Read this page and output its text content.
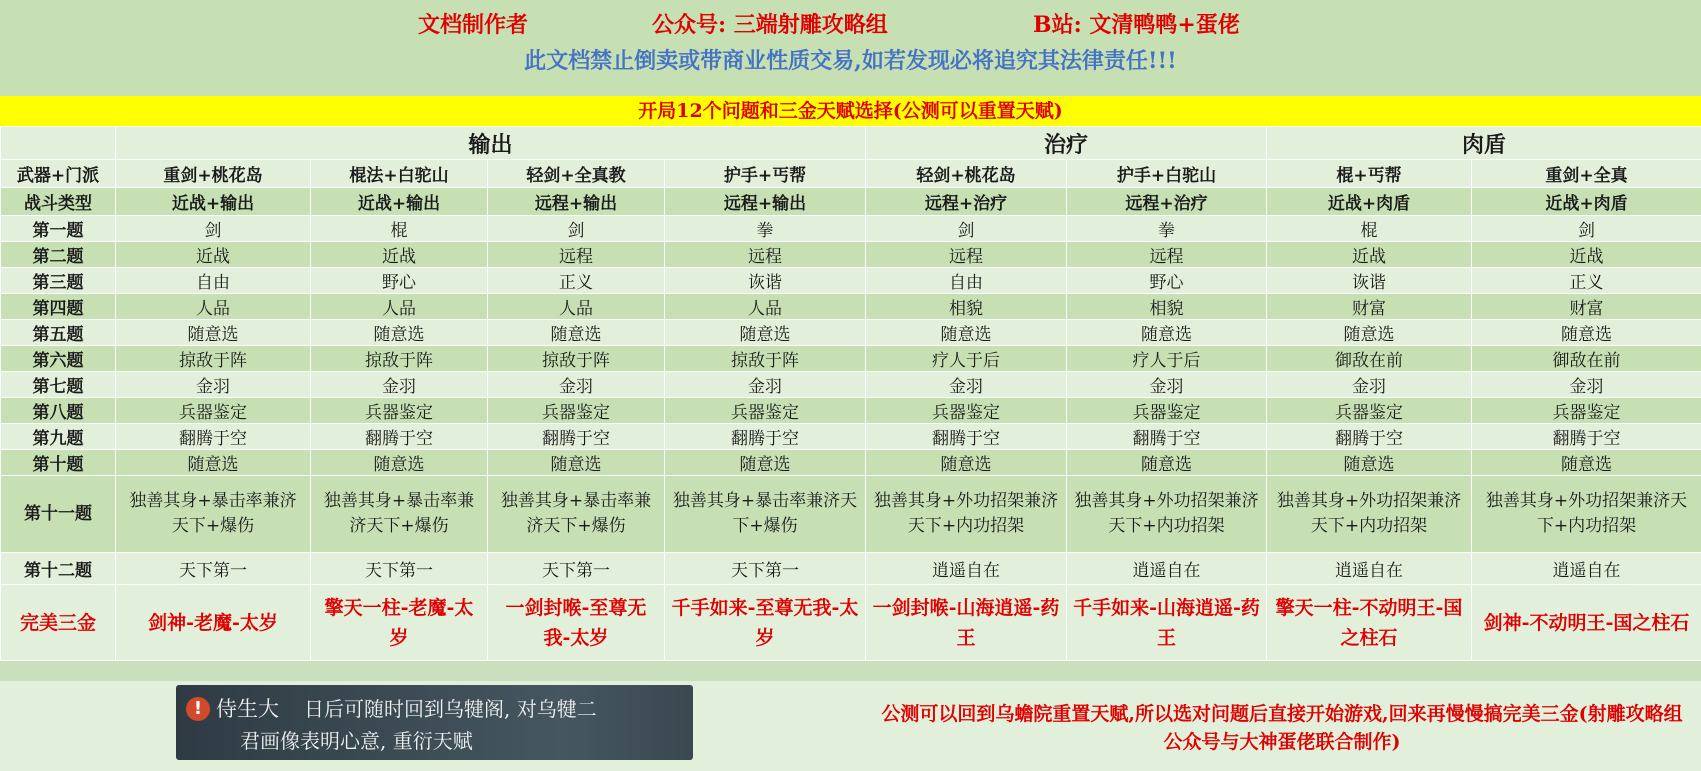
文档制作者	公众号: 三端射雕攻略组	B站: 文清鸭鸭+蛋佬
此文档禁止倒卖或带商业性质交易,如若发现必将追究其法律责任!!!
开局12个问题和三金天赋选择(公测可以重置天赋)
	输出				治疗		肉盾	
武器+门派	重剑+桃花岛	棍法+白驼山	轻剑+全真教	护手+丐帮	轻剑+桃花岛	护手+白驼山	棍+丐帮	重剑+全真
战斗类型	近战+输出	近战+输出	远程+输出	远程+输出	远程+治疗	远程+治疗	近战+肉盾	近战+肉盾
第一题	剑	棍	剑	拳	剑	拳	棍	剑
第二题	近战	近战	远程	远程	远程	远程	近战	近战
第三题	自由	野心	正义	诙谐	自由	野心	诙谐	正义
第四题	人品	人品	人品	人品	相貌	相貌	财富	财富
第五题	随意选	随意选	随意选	随意选	随意选	随意选	随意选	随意选
第六题	掠敌于阵	掠敌于阵	掠敌于阵	掠敌于阵	疗人于后	疗人于后	御敌在前	御敌在前
第七题	金羽	金羽	金羽	金羽	金羽	金羽	金羽	金羽
第八题	兵器鉴定	兵器鉴定	兵器鉴定	兵器鉴定	兵器鉴定	兵器鉴定	兵器鉴定	兵器鉴定
第九题	翻腾于空	翻腾于空	翻腾于空	翻腾于空	翻腾于空	翻腾于空	翻腾于空	翻腾于空
第十题	随意选	随意选	随意选	随意选	随意选	随意选	随意选	随意选
第十一题	独善其身+暴击率兼济天下+爆伤	独善其身+暴击率兼济天下+爆伤	独善其身+暴击率兼济天下+爆伤	独善其身+暴击率兼济天下+爆伤	独善其身+外功招架兼济天下+内功招架	独善其身+外功招架兼济天下+内功招架	独善其身+外功招架兼济天下+内功招架	独善其身+外功招架兼济天下+内功招架

第十二题	天下第一	天下第一	天下第一	天下第一	逍遥自在	逍遥自在	逍遥自在	逍遥自在
完美三金	剑神-老魔-太岁	擎天一柱-老魔-太岁	一剑封喉-至尊无我-太岁	千手如来-至尊无我-太岁	一剑封喉-山海逍遥-药王	千手如来-山海逍遥-药王	擎天一柱-不动明王-国之柱石	剑神-不动明王-国之柱石
! 侍生大 日后可随时回到乌犍阁, 对乌犍二
君画像表明心意, 重衍天赋
公测可以回到乌蟾院重置天赋,所以选对问题后直接开始游戏,回来再慢慢搞完美三金(射雕攻略组公众号与大神蛋佬联合制作)
